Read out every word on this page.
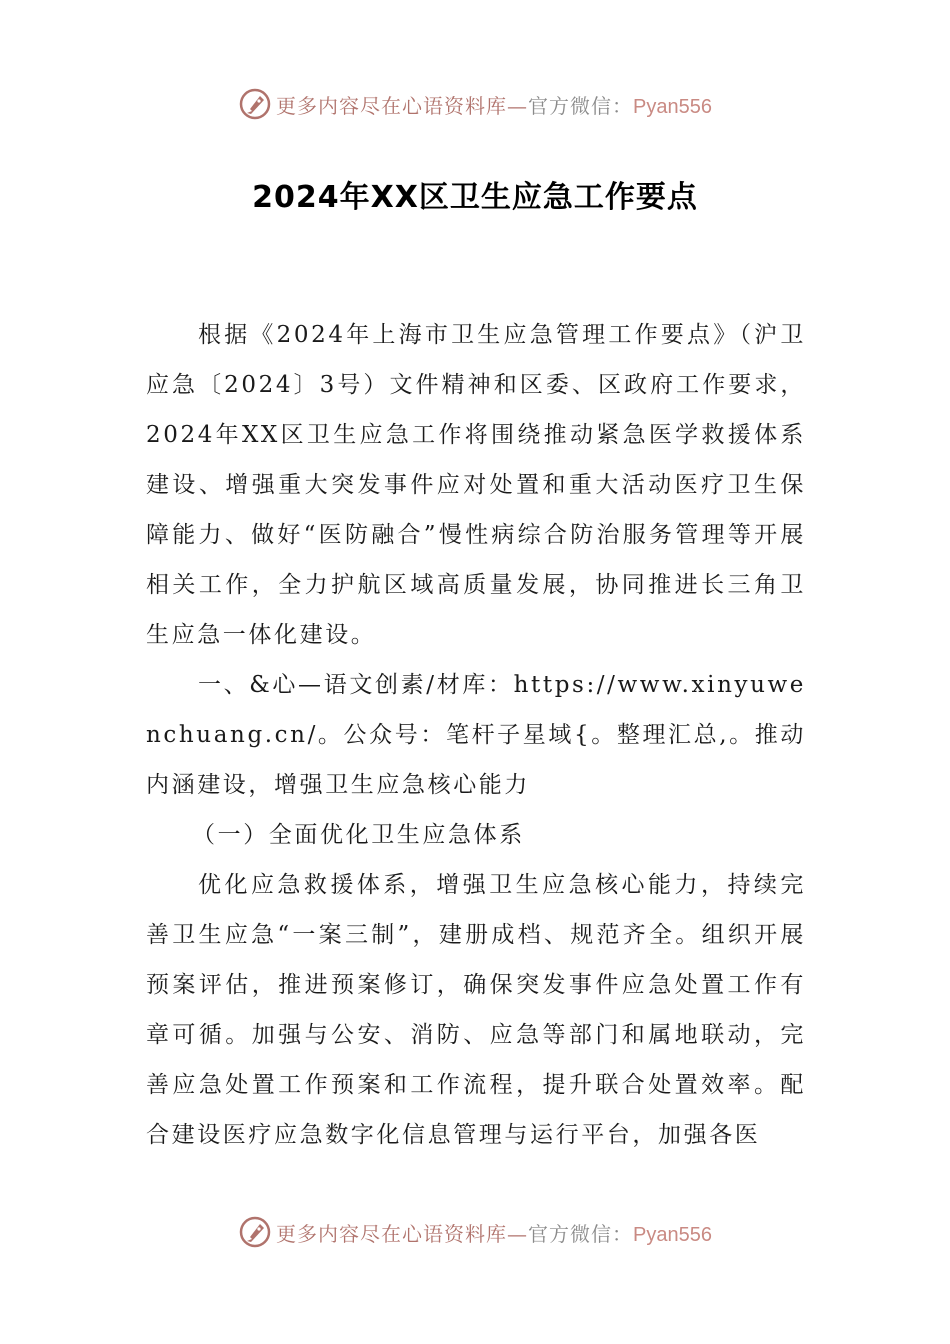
更多内容尽在心语资料库—官方微信：Pyan556
2024年XX区卫生应急工作要点

根据《2024年上海市卫生应急管理工作要点》（沪卫应急〔2024〕3号）文件精神和区委、区政府工作要求，2024年XX区卫生应急工作将围绕推动紧急医学救援体系建设、增强重大突发事件应对处置和重大活动医疗卫生保障能力、做好“医防融合”慢性病综合防治服务管理等开展相关工作，全力护航区域高质量发展，协同推进长三角卫生应急一体化建设。

一、&心—语文创素/材库：https://www.xinyuwenchuang.cn/。公众号：笔杆子星域{。整理汇总,。推动内涵建设，增强卫生应急核心能力

（一）全面优化卫生应急体系

优化应急救援体系，增强卫生应急核心能力，持续完善卫生应急“一案三制”，建册成档、规范齐全。组织开展预案评估，推进预案修订，确保突发事件应急处置工作有章可循。加强与公安、消防、应急等部门和属地联动，完善应急处置工作预案和工作流程，提升联合处置效率。配合建设医疗应急数字化信息管理与运行平台，加强各医

更多内容尽在心语资料库—官方微信：Pyan556
